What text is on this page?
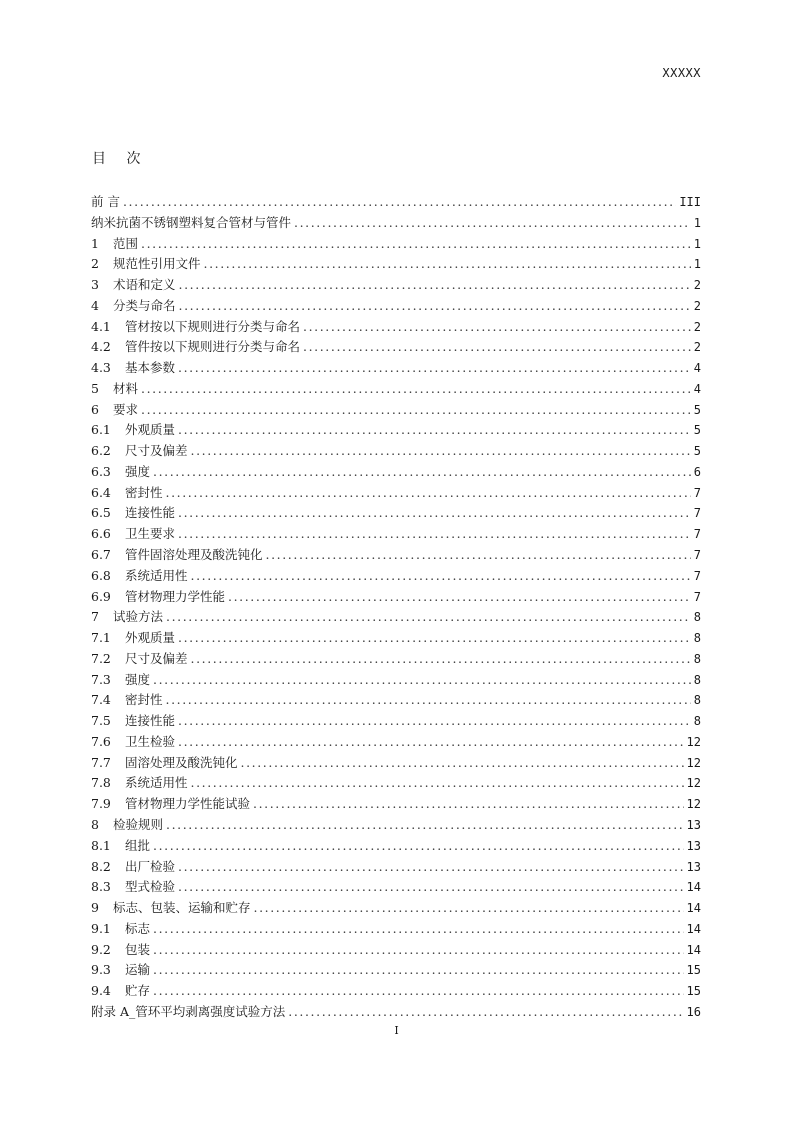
XXXXX
目 次
前 言 .....	III
纳米抗菌不锈钢塑料复合管材与管件 .....	1
1	范围 .....	1
2	规范性引用文件 .....	1
3	术语和定义 .....	2
4	分类与命名 .....	2
4.1	管材按以下规则进行分类与命名 .....	2
4.2	管件按以下规则进行分类与命名 .....	2
4.3	基本参数 .....	4
5	材料 .....	4
6	要求 .....	5
6.1	外观质量 .....	5
6.2	尺寸及偏差 .....	5
6.3	强度 .....	6
6.4	密封性 .....	7
6.5	连接性能 .....	7
6.6	卫生要求 .....	7
6.7	管件固溶处理及酸洗钝化 .....	7
6.8	系统适用性 .....	7
6.9	管材物理力学性能 .....	7
7	试验方法 .....	8
7.1	外观质量 .....	8
7.2	尺寸及偏差 .....	8
7.3	强度 .....	8
7.4	密封性 .....	8
7.5	连接性能 .....	8
7.6	卫生检验 .....	12
7.7	固溶处理及酸洗钝化 .....	12
7.8	系统适用性 .....	12
7.9	管材物理力学性能试验 .....	12
8	检验规则 .....	13
8.1	组批 .....	13
8.2	出厂检验 .....	13
8.3	型式检验 .....	14
9	标志、包装、运输和贮存 .....	14
9.1	标志 .....	14
9.2	包装 .....	14
9.3	运输 .....	15
9.4	贮存 .....	15
附录 A_管环平均剥离强度试验方法 .....	16
I
